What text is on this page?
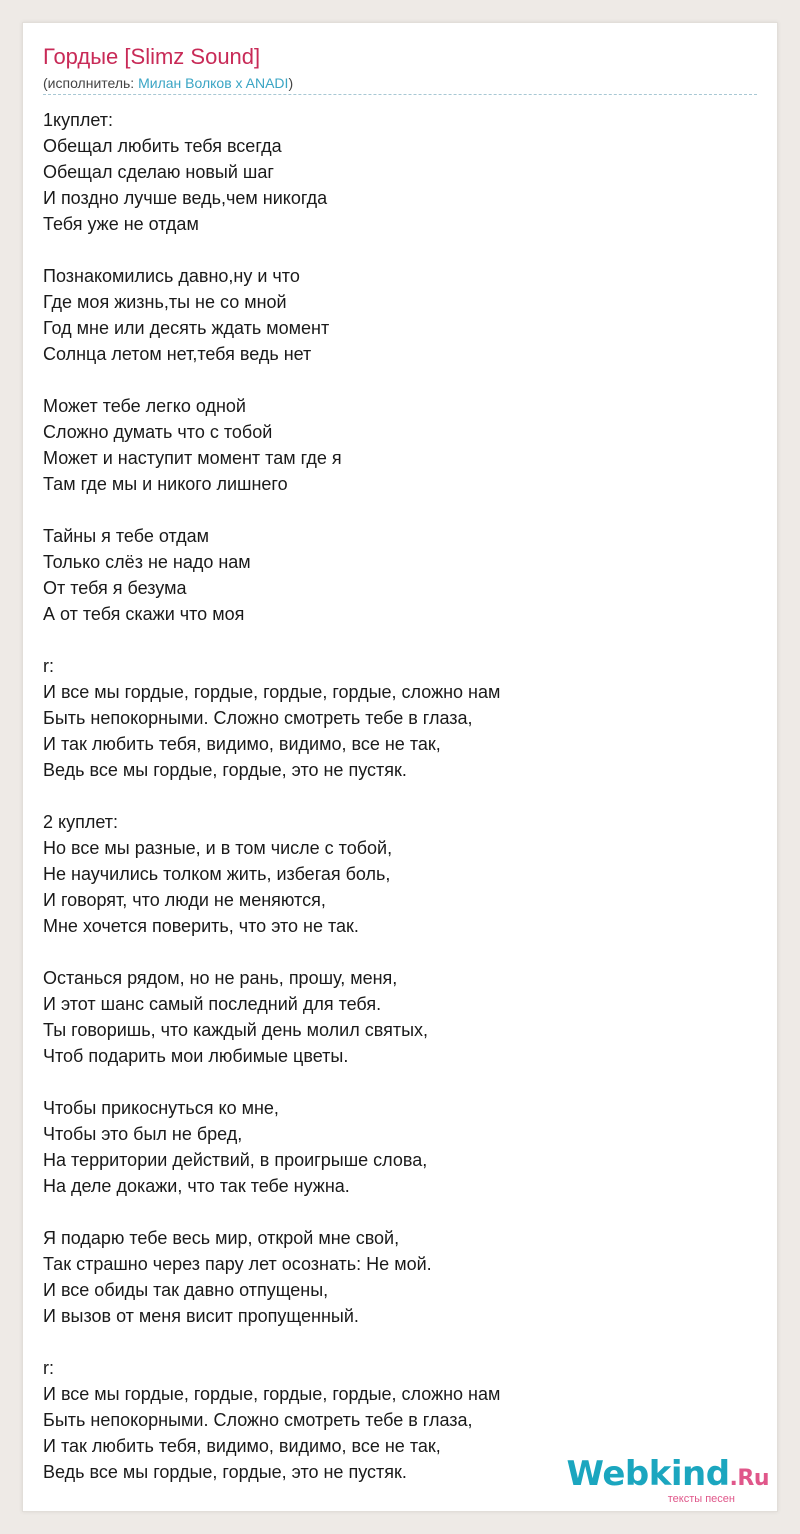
Гордые [Slimz Sound]
(исполнитель: Милан Волков x ANADI)
1куплет:
Обещал любить тебя всегда
Обещал сделаю новый шаг
И поздно лучше ведь,чем никогда
Тебя уже не отдам
Познакомились давно,ну и что
Где моя жизнь,ты не со мной
Год мне или десять ждать момент
Солнца летом нет,тебя ведь нет
Может тебе легко одной
Сложно думать что с тобой
Может и наступит момент там где я
Там где мы и никого лишнего
Тайны я тебе отдам
Только слёз не надо нам
От тебя я безума
А от тебя скажи что моя
r:
И все мы гордые, гордые, гордые, гордые, сложно нам
Быть непокорными. Сложно смотреть тебе в глаза,
И так любить тебя, видимо, видимо, все не так,
Ведь все мы гордые, гордые, это не пустяк.
2 куплет:
Но все мы разные, и в том числе с тобой,
Не научились толком жить, избегая боль,
И говорят, что люди не меняются,
Мне хочется поверить, что это не так.
Останься рядом, но не рань, прошу, меня,
И этот шанс самый последний для тебя.
Ты говоришь, что каждый день молил святых,
Чтоб подарить мои любимые цветы.
Чтобы прикоснуться ко мне,
Чтобы это был не бред,
На территории действий, в проигрыше слова,
На деле докажи, что так тебе нужна.
Я подарю тебе весь мир, открой мне свой,
Так страшно через пару лет осознать: Не мой.
И все обиды так давно отпущены,
И вызов от меня висит пропущенный.
r:
И все мы гордые, гордые, гордые, гордые, сложно нам
Быть непокорными. Сложно смотреть тебе в глаза,
И так любить тебя, видимо, видимо, все не так,
Ведь все мы гордые, гордые, это не пустяк.	Webkind.Ru
тексты песен
